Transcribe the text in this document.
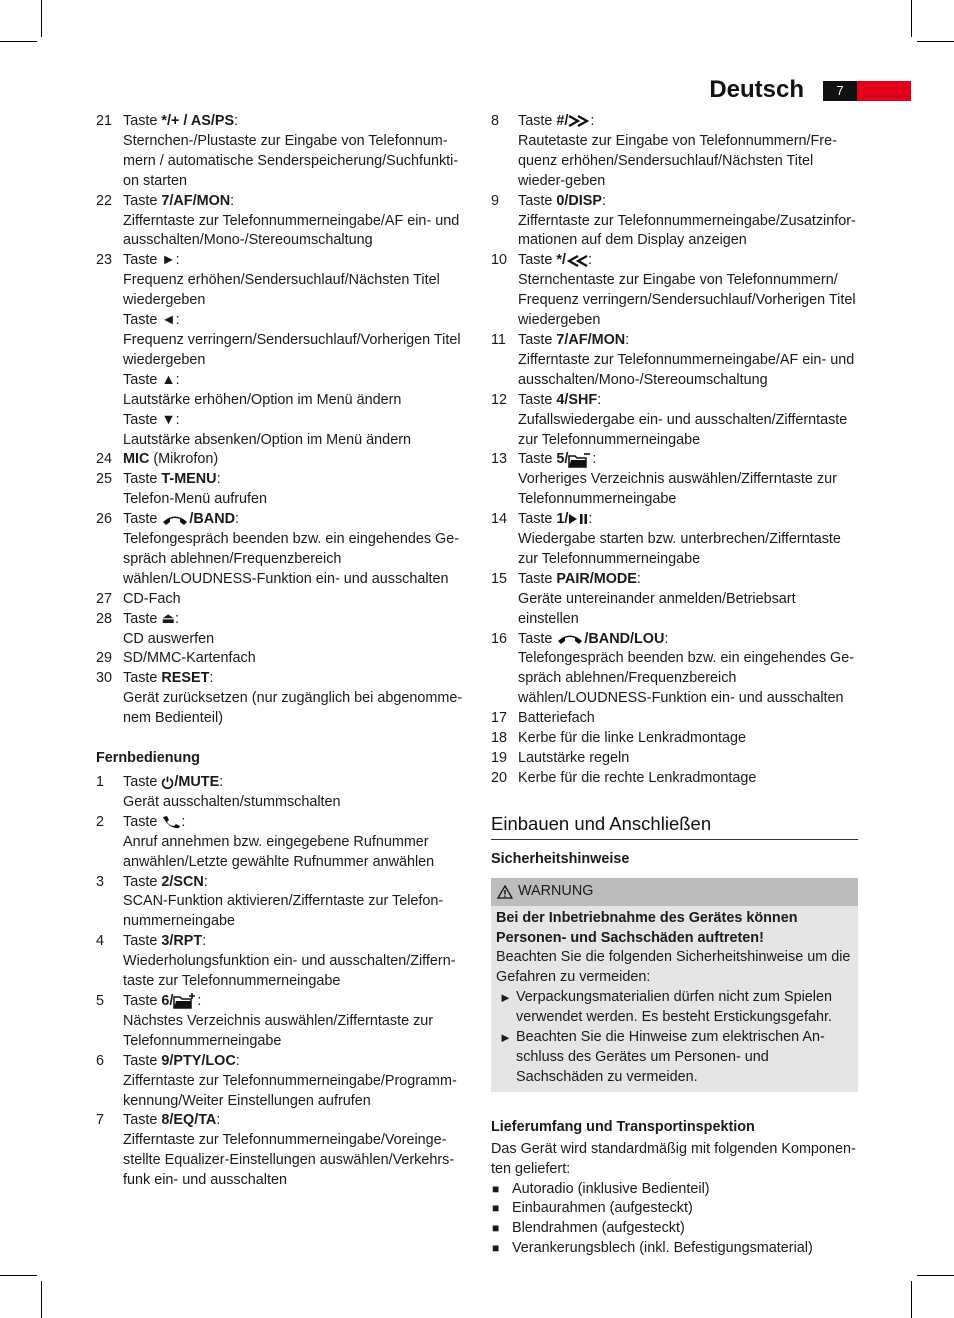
Deutsch	7
21 Taste */+ / AS/PS:
Sternchen-/Plustaste zur Eingabe von Telefonnum-mern / automatische Senderspeicherung/Suchfunkti-on starten
22 Taste 7/AF/MON:
Zifferntaste zur Telefonnummerneingabe/AF ein- und ausschalten/Mono-/Stereoumschaltung
23 Taste ►:
Frequenz erhöhen/Sendersuchlauf/Nächsten Titel wiedergeben
Taste ◄:
Frequenz verringern/Sendersuchlauf/Vorherigen Titel wiedergeben
Taste ▲:
Lautstärke erhöhen/Option im Menü ändern
Taste ▼:
Lautstärke absenken/Option im Menü ändern
24 MIC (Mikrofon)
25 Taste T-MENU:
Telefon-Menü aufrufen
26 Taste /BAND:
Telefongespräch beenden bzw. ein eingehendes Ge-spräch ablehnen/Frequenzbereich wählen/LOUDNESS-Funktion ein- und ausschalten
27 CD-Fach
28 Taste ⏏:
CD auswerfen
29 SD/MMC-Kartenfach
30 Taste RESET:
Gerät zurücksetzen (nur zugänglich bei abgenomme-nem Bedienteil)
Fernbedienung
1	Taste /MUTE:
Gerät ausschalten/stummschalten
2	Taste :
Anruf annehmen bzw. eingegebene Rufnummer anwählen/Letzte gewählte Rufnummer anwählen
3	Taste 2/SCN:
SCAN-Funktion aktivieren/Zifferntaste zur Telefon-nummerneingabe
4	Taste 3/RPT:
Wiederholungsfunktion ein- und ausschalten/Ziffern-taste zur Telefonnummerneingabe
5	Taste 6/ :
Nächstes Verzeichnis auswählen/Zifferntaste zur Telefonnummerneingabe
6	Taste 9/PTY/LOC:
Zifferntaste zur Telefonnummerneingabe/Programm-kennung/Weiter Einstellungen aufrufen
7	Taste 8/EQ/TA:
Zifferntaste zur Telefonnummerneingabe/Voreinge-stellte Equalizer-Einstellungen auswählen/Verkehrs-funk ein- und ausschalten
8	Taste #/ :
Rautetaste zur Eingabe von Telefonnummern/Fre-quenz erhöhen/Sendersuchlauf/Nächsten Titel wieder-geben
9	Taste 0/DISP:
Zifferntaste zur Telefonnummerneingabe/Zusatzinfor-mationen auf dem Display anzeigen
10 Taste */ :
Sternchentaste zur Eingabe von Telefonnummern/ Frequenz verringern/Sendersuchlauf/Vorherigen Titel wiedergeben
11 Taste 7/AF/MON:
Zifferntaste zur Telefonnummerneingabe/AF ein- und ausschalten/Mono-/Stereoumschaltung
12 Taste 4/SHF:
Zufallswiedergabe ein- und ausschalten/Zifferntaste zur Telefonnummerneingabe
13 Taste 5/ :
Vorheriges Verzeichnis auswählen/Zifferntaste zur Telefonnummerneingabe
14 Taste 1/ :
Wiedergabe starten bzw. unterbrechen/Zifferntaste zur Telefonnummerneingabe
15 Taste PAIR/MODE:
Geräte untereinander anmelden/Betriebsart einstellen
16 Taste /BAND/LOU:
Telefongespräch beenden bzw. ein eingehendes Ge-spräch ablehnen/Frequenzbereich wählen/LOUDNESS-Funktion ein- und ausschalten
17 Batteriefach
18 Kerbe für die linke Lenkradmontage
19 Lautstärke regeln
20 Kerbe für die rechte Lenkradmontage
Einbauen und Anschließen
Sicherheitshinweise
WARNUNG
Bei der Inbetriebnahme des Gerätes können Personen- und Sachschäden auftreten!
Beachten Sie die folgenden Sicherheitshinweise um die Gefahren zu vermeiden:
► Verpackungsmaterialien dürfen nicht zum Spielen verwendet werden. Es besteht Erstickungsgefahr.
► Beachten Sie die Hinweise zum elektrischen An-schluss des Gerätes um Personen- und Sachschäden zu vermeiden.
Lieferumfang und Transportinspektion
Das Gerät wird standardmäßig mit folgenden Komponen-ten geliefert:
■ Autoradio (inklusive Bedienteil)
■ Einbaurahmen (aufgesteckt)
■ Blendrahmen (aufgesteckt)
■ Verankerungsblech (inkl. Befestigungsmaterial)
